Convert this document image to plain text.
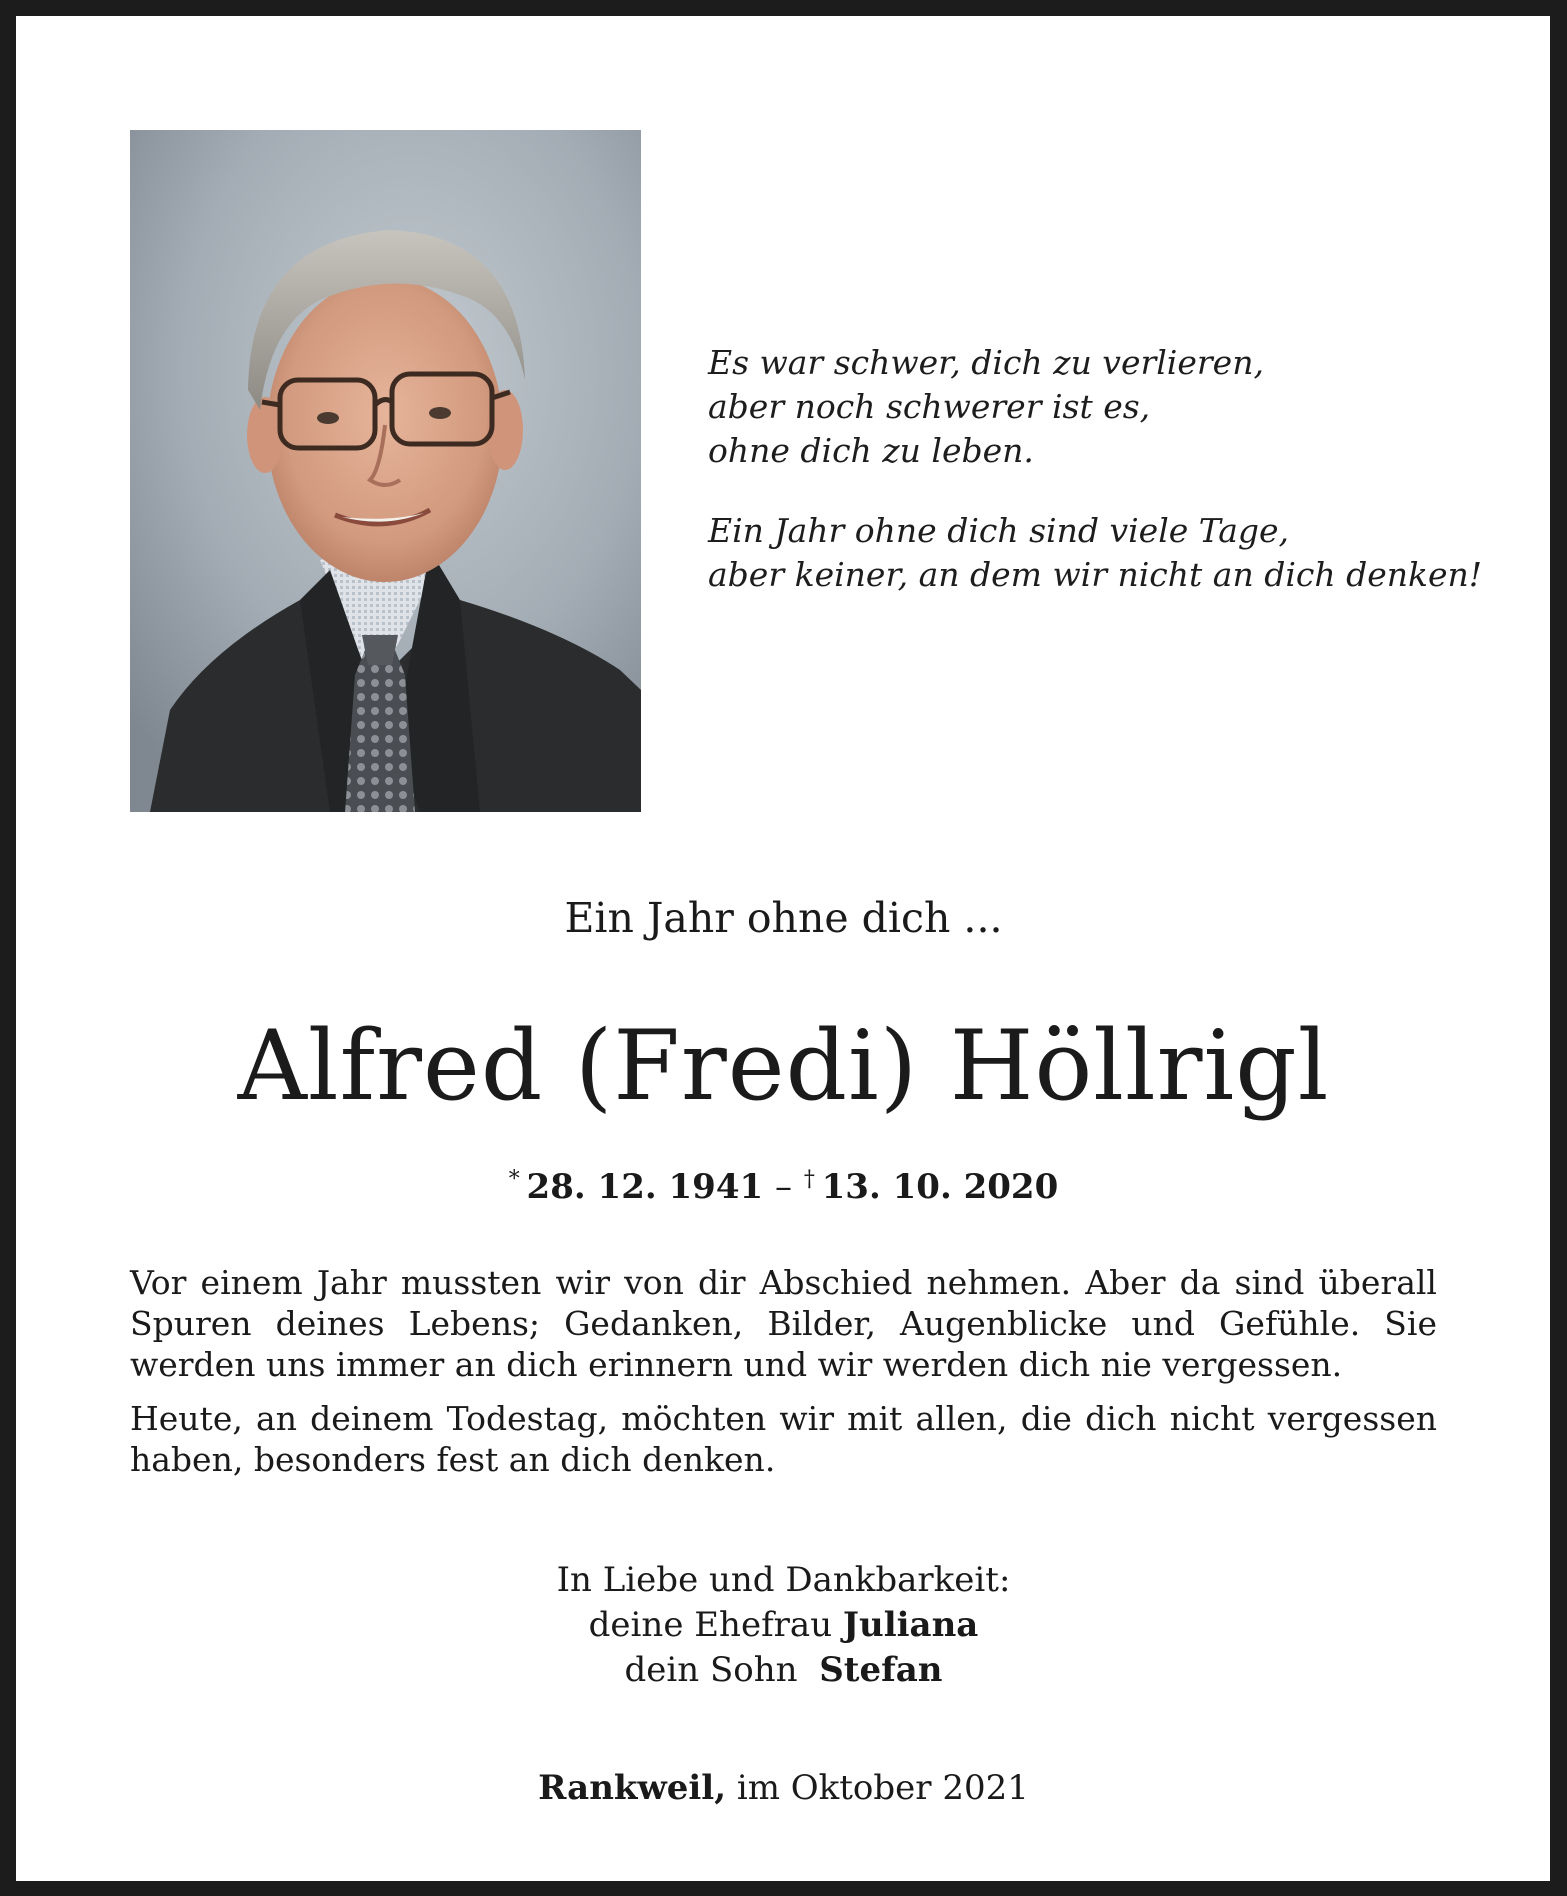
Es war schwer, dich zu verlieren,
aber noch schwerer ist es,
ohne dich zu leben.
Ein Jahr ohne dich sind viele Tage,
aber keiner, an dem wir nicht an dich denken!
Ein Jahr ohne dich ...
Alfred (Fredi) Höllrigl
*  28. 12. 1941 – †  13. 10. 2020

Vor einem Jahr mussten wir von dir Abschied nehmen. Aber da sind überall Spuren deines Lebens; Gedanken, Bilder, Augenblicke und Gefühle. Sie werden uns immer an dich erinnern und wir werden dich nie vergessen.

Heute, an deinem Todestag, möchten wir mit allen, die dich nicht vergessen haben, besonders fest an dich denken.

In Liebe und Dankbarkeit:
deine Ehefrau Juliana
dein Sohn Stefan
Rankweil, im Oktober 2021
